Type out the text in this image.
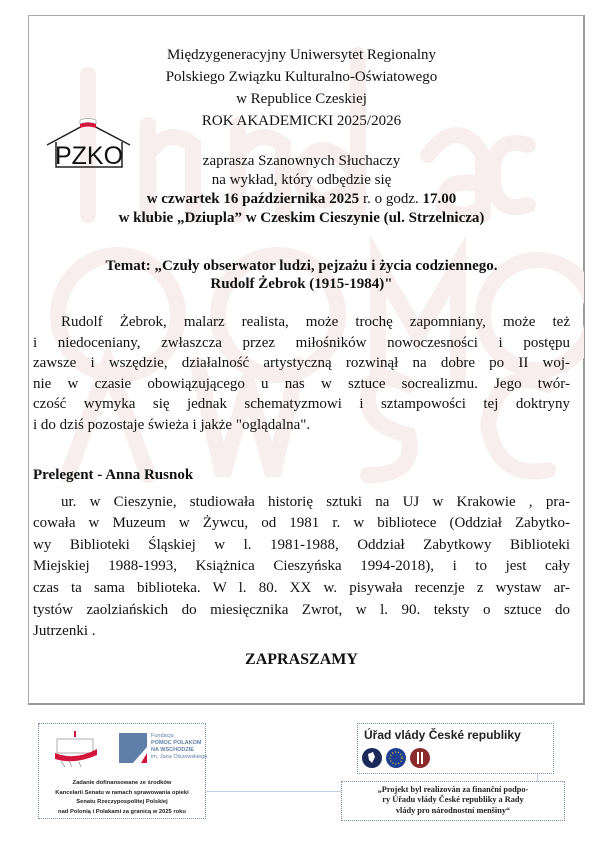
PZKO
Międzygeneracyjny Uniwersytet Regionalny
Polskiego Związku Kulturalno-Oświatowego
w Republice Czeskiej
ROK AKADEMICKI 2025/2026
zaprasza Szanownych Słuchaczy
na wykład, który odbędzie się
w czwartek 16 października 2025 r. o godz. 17.00
w klubie „Dziupla” w Czeskim Cieszynie (ul. Strzelnicza)
Temat: „Czuły obserwator ludzi, pejzażu i życia codziennego.
Rudolf Żebrok (1915-1984)"
Rudolf Żebrok, malarz realista, może trochę zapomniany, może też
i niedoceniany, zwłaszcza przez miłośników nowoczesności i postępu
zawsze i wszędzie, działalność artystyczną rozwinął na dobre po II woj-
nie w czasie obowiązującego u nas w sztuce socrealizmu. Jego twór-
czość wymyka się jednak schematyzmowi i sztampowości tej doktryny
i do dziś pozostaje świeża i jakże "oglądalna".
Prelegent - Anna Rusnok
ur. w Cieszynie, studiowała historię sztuki na UJ w Krakowie , pra-
cowała w Muzeum w Żywcu, od 1981 r. w bibliotece (Oddział Zabytko-
wy Biblioteki Śląskiej w l. 1981-1988, Oddział Zabytkowy Biblioteki
Miejskiej 1988-1993, Książnica Cieszyńska 1994-2018), i to jest cały
czas ta sama biblioteka. W l. 80. XX w. pisywała recenzje z wystaw ar-
tystów zaolziańskich do miesięcznika Zwrot, w l. 90. teksty o sztuce do
Jutrzenki .
ZAPRASZAMY
Fundacja
POMOC POLAKOM
NA WSCHODZIE
im. Jana Olszewskiego
Zadanie dofinansowane ze środków
Kancelarii Senatu w ramach sprawowania opieki
Senatu Rzeczypospolitej Polskiej
nad Polonią i Polakami za granicą w 2025 roku
Úřad vlády České republiky
„Projekt byl realizován za finanční podpo-
ry Úřadu vlády České republiky a Rady
vlády pro národnostní menšiny“
